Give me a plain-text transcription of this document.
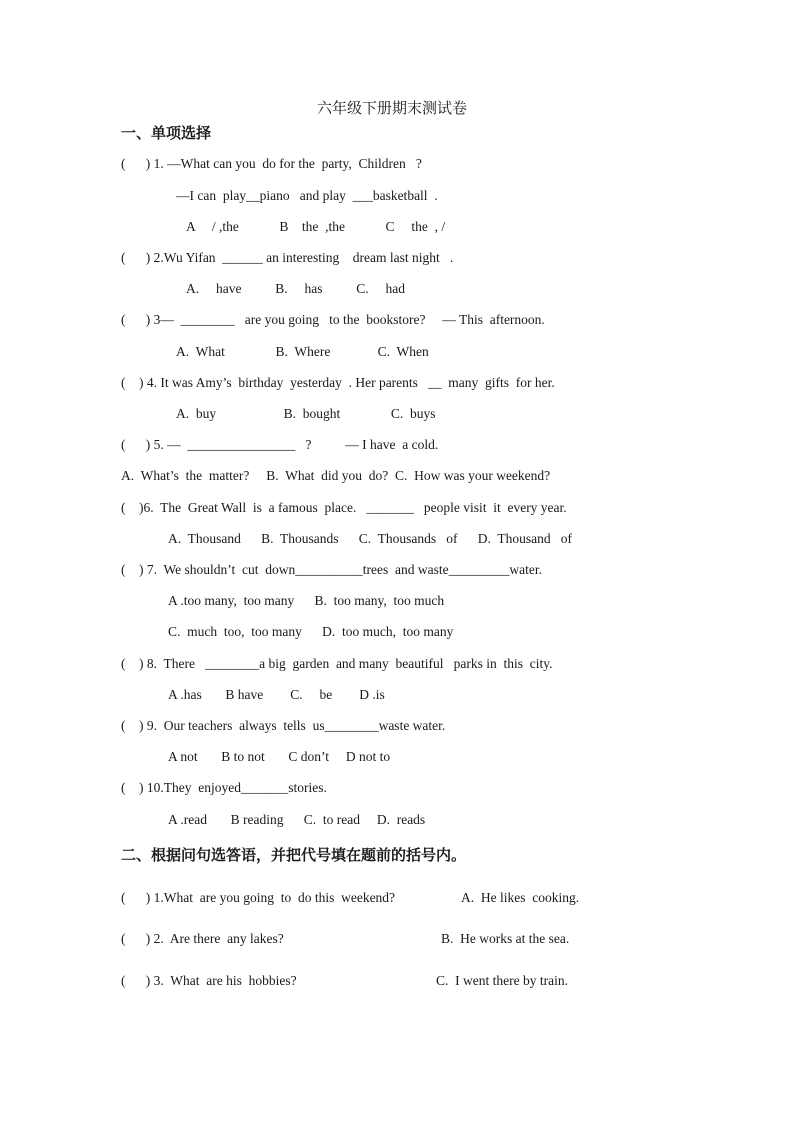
六年级下册期末测试卷
一、单项选择
(      ) 1. —What can you  do for the  party,  Children   ?
—I can  play__piano   and play  ___basketball  .
A     / ,the            B    the  ,the            C     the  , /
(      ) 2.Wu Yifan  ______ an interesting    dream last night   .
A.     have          B.     has          C.     had
(      ) 3—  ________   are you going   to the  bookstore?     — This  afternoon.
A.  What               B.  Where              C.  When
(    ) 4. It was Amy’s  birthday  yesterday  . Her parents   __  many  gifts  for her.
A.  buy                    B.  bought               C.  buys
(      ) 5. —  ________________   ?          — I have  a cold.
A.  What’s  the  matter?     B.  What  did you  do?  C.  How was your weekend?
(    )6.  The  Great Wall  is  a famous  place.   _______   people visit  it  every year.
A.  Thousand      B.  Thousands      C.  Thousands   of      D.  Thousand   of
(    ) 7.  We shouldn’t  cut  down__________trees  and waste_________water.
A .too many,  too many      B.  too many,  too much
C.  much  too,  too many      D.  too much,  too many
(    ) 8.  There   ________a big  garden  and many  beautiful   parks in  this  city.
A .has       B have        C.     be        D .is
(    ) 9.  Our teachers  always  tells  us________waste water.
A not       B to not       C don’t     D not to
(    ) 10.They  enjoyed_______stories.
A .read       B reading      C.  to read     D.  reads
二、根据问句选答语，并把代号填在题前的括号内。
(      ) 1.What  are you going  to  do this  weekend?	A.  He likes  cooking.
(      ) 2.  Are there  any lakes?	B.  He works at the sea.
(      ) 3.  What  are his  hobbies?	C.  I went there by train.
